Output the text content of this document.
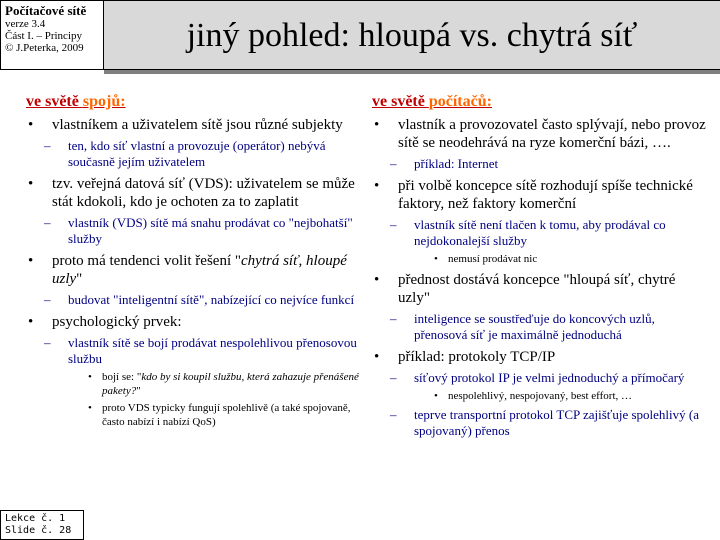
Počítačové sítě
verze 3.4
Část I. – Principy
© J.Peterka, 2009	jiný pohled: hloupá vs. chytrá síť
ve světě spojů:
• vlastníkem a uživatelem sítě jsou různé subjekty
– ten, kdo síť vlastní a provozuje (operátor) nebývá současně jejím uživatelem
• tzv. veřejná datová síť (VDS): uživatelem se může stát kdokoli, kdo je ochoten za to zaplatit
– vlastník (VDS) sítě má snahu prodávat co "nejbohatší" služby
• proto má tendenci volit řešení "chytrá síť, hloupé uzly"
– budovat "inteligentní sítě", nabízející co nejvíce funkcí
• psychologický prvek:
– vlastník sítě se bojí prodávat nespolehlivou přenosovou službu
• bojí se: "kdo by si koupil službu, která zahazuje přenášené pakety?"
• proto VDS typicky fungují spolehlivě (a také spojovaně, často nabízí i nabízí QoS)
ve světě počítačů:
• vlastník a provozovatel často splývají, nebo provoz sítě se neodehrává na ryze komerční bázi, ….
– příklad: Internet
• při volbě koncepce sítě rozhodují spíše technické faktory, než faktory komerční
– vlastník sítě není tlačen k tomu, aby prodával co nejdokonalejší služby
• nemusí prodávat nic
• přednost dostává koncepce "hloupá síť, chytré uzly"
– inteligence se soustřeďuje do koncových uzlů, přenosová síť je maximálně jednoduchá
• příklad: protokoly TCP/IP
– síťový protokol IP je velmi jednoduchý a přímočarý
• nespolehlivý, nespojovaný, best effort, …
– teprve transportní protokol TCP zajišťuje spolehlivý (a spojovaný) přenos
Lekce č. 1
Slide č. 28
